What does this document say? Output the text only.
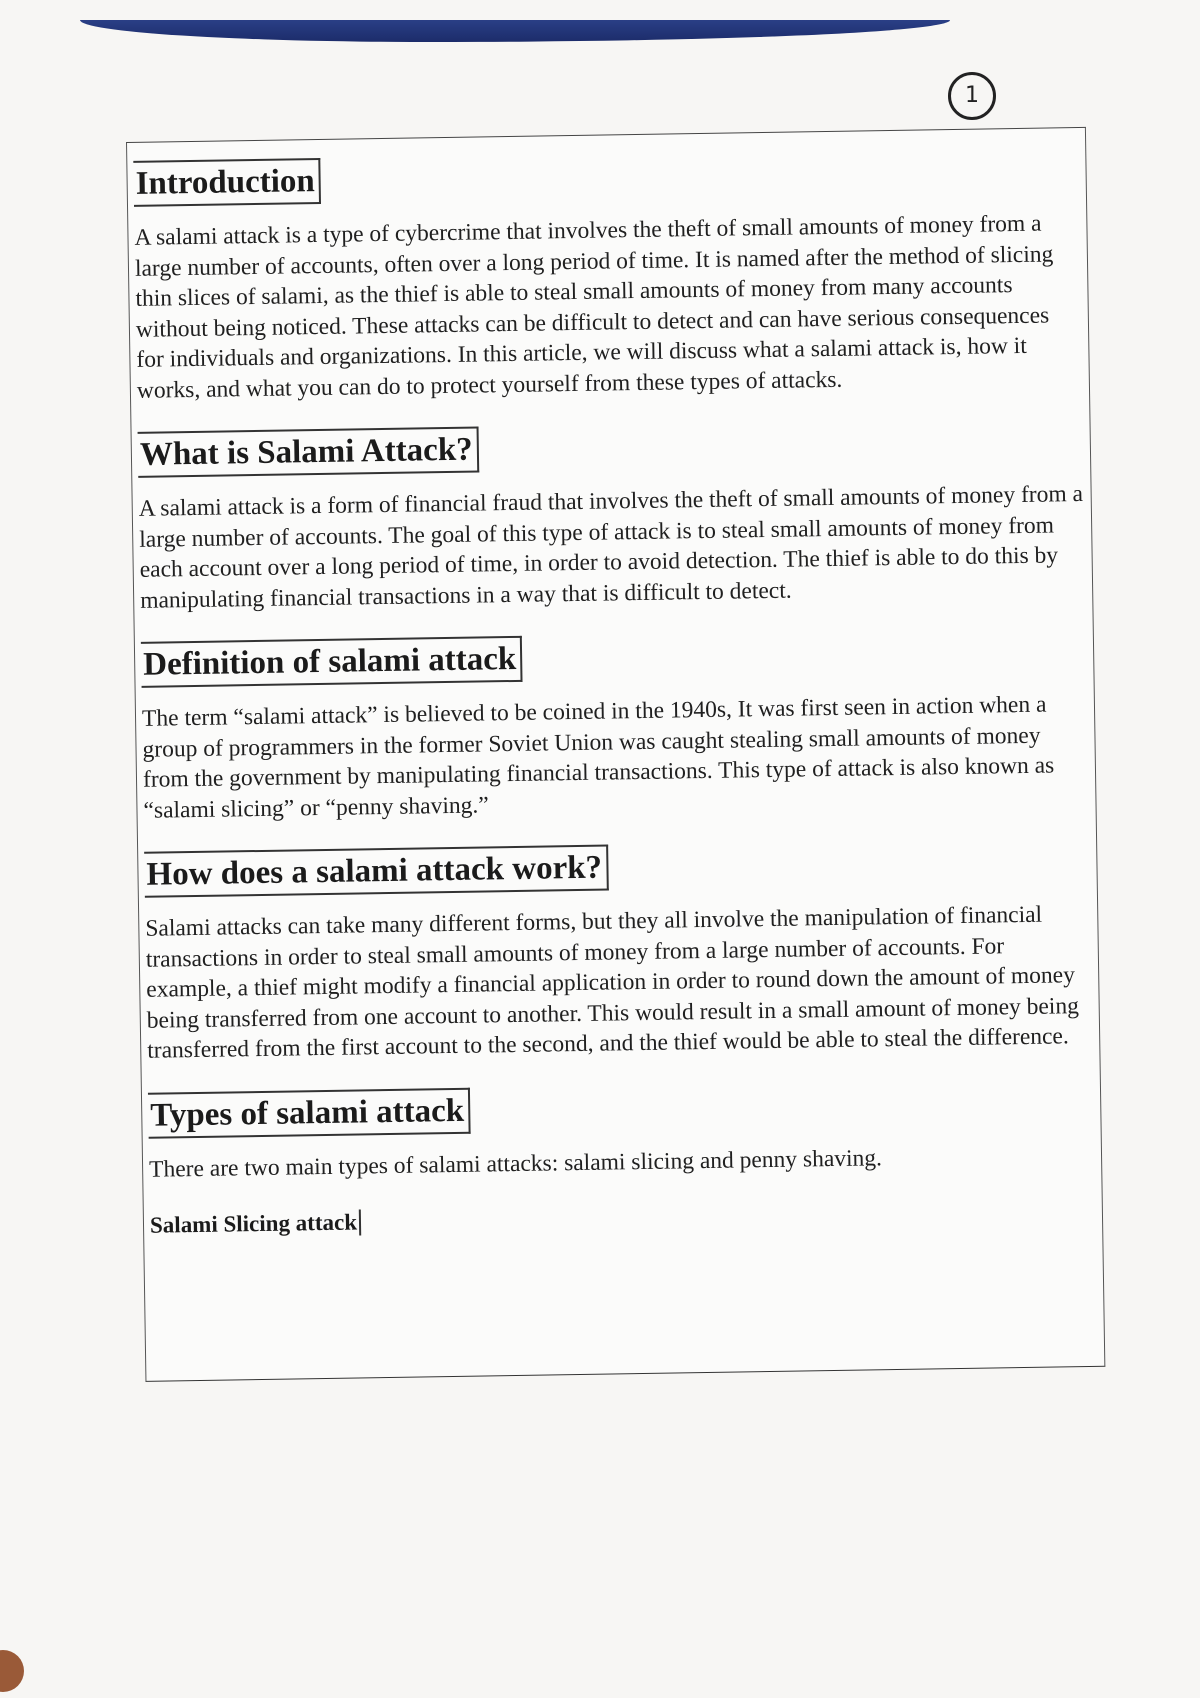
1
Introduction

A salami attack is a type of cybercrime that involves the theft of small amounts of money from a large number of accounts, often over a long period of time. It is named after the method of slicing thin slices of salami, as the thief is able to steal small amounts of money from many accounts without being noticed. These attacks can be difficult to detect and can have serious consequences for individuals and organizations. In this article, we will discuss what a salami attack is, how it works, and what you can do to protect yourself from these types of attacks.

What is Salami Attack?

A salami attack is a form of financial fraud that involves the theft of small amounts of money from a large number of accounts. The goal of this type of attack is to steal small amounts of money from each account over a long period of time, in order to avoid detection. The thief is able to do this by manipulating financial transactions in a way that is difficult to detect.

Definition of salami attack

The term “salami attack” is believed to be coined in the 1940s, It was first seen in action when a group of programmers in the former Soviet Union was caught stealing small amounts of money from the government by manipulating financial transactions. This type of attack is also known as “salami slicing” or “penny shaving.”

How does a salami attack work?

Salami attacks can take many different forms, but they all involve the manipulation of financial transactions in order to steal small amounts of money from a large number of accounts. For example, a thief might modify a financial application in order to round down the amount of money being transferred from one account to another. This would result in a small amount of money being transferred from the first account to the second, and the thief would be able to steal the difference.

Types of salami attack

There are two main types of salami attacks: salami slicing and penny shaving.

Salami Slicing attack
